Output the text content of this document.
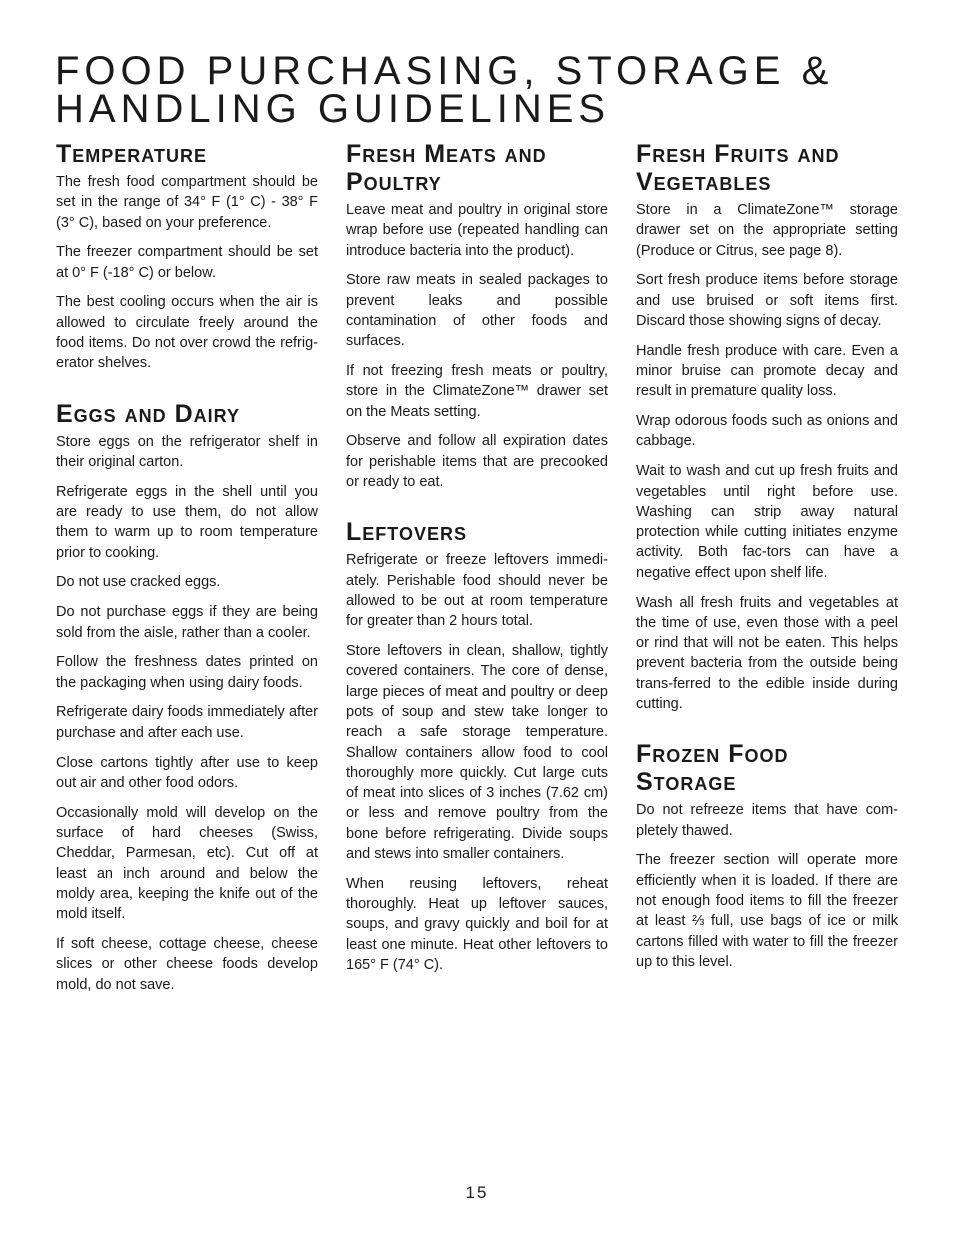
FOOD PURCHASING, STORAGE &
HANDLING GUIDELINES
Temperature

The fresh food compartment should be set in the range of 34° F (1° C) - 38° F (3° C), based on your preference.

The freezer compartment should be set at 0° F (-18° C) or below.

The best cooling occurs when the air is allowed to circulate freely around the food items. Do not over crowd the refrig-erator shelves.

Eggs and Dairy

Store eggs on the refrigerator shelf in their original carton.

Refrigerate eggs in the shell until you are ready to use them, do not allow them to warm up to room temperature prior to cooking.

Do not use cracked eggs.

Do not purchase eggs if they are being sold from the aisle, rather than a cooler.

Follow the freshness dates printed on the packaging when using dairy foods.

Refrigerate dairy foods immediately after purchase and after each use.

Close cartons tightly after use to keep out air and other food odors.

Occasionally mold will develop on the surface of hard cheeses (Swiss, Cheddar, Parmesan, etc). Cut off at least an inch around and below the moldy area, keeping the knife out of the mold itself.

If soft cheese, cottage cheese, cheese slices or other cheese foods develop mold, do not save.

Fresh Meats and Poultry

Leave meat and poultry in original store wrap before use (repeated handling can introduce bacteria into the product).

Store raw meats in sealed packages to prevent leaks and possible contamination of other foods and surfaces.

If not freezing fresh meats or poultry, store in the ClimateZone™ drawer set on the Meats setting.

Observe and follow all expiration dates for perishable items that are precooked or ready to eat.

Leftovers

Refrigerate or freeze leftovers immedi-ately. Perishable food should never be allowed to be out at room temperature for greater than 2 hours total.

Store leftovers in clean, shallow, tightly covered containers. The core of dense, large pieces of meat and poultry or deep pots of soup and stew take longer to reach a safe storage temperature. Shallow containers allow food to cool thoroughly more quickly. Cut large cuts of meat into slices of 3 inches (7.62 cm) or less and remove poultry from the bone before refrigerating. Divide soups and stews into smaller containers.

When reusing leftovers, reheat thoroughly. Heat up leftover sauces, soups, and gravy quickly and boil for at least one minute. Heat other leftovers to 165° F (74° C).

Fresh Fruits and Vegetables

Store in a ClimateZone™ storage drawer set on the appropriate setting (Produce or Citrus, see page 8).

Sort fresh produce items before storage and use bruised or soft items first. Discard those showing signs of decay.

Handle fresh produce with care. Even a minor bruise can promote decay and result in premature quality loss.

Wrap odorous foods such as onions and cabbage.

Wait to wash and cut up fresh fruits and vegetables until right before use. Washing can strip away natural protection while cutting initiates enzyme activity. Both fac-tors can have a negative effect upon shelf life.

Wash all fresh fruits and vegetables at the time of use, even those with a peel or rind that will not be eaten. This helps prevent bacteria from the outside being trans-ferred to the edible inside during cutting.

Frozen Food Storage

Do not refreeze items that have com-pletely thawed.

The freezer section will operate more efficiently when it is loaded. If there are not enough food items to fill the freezer at least ⅔ full, use bags of ice or milk cartons filled with water to fill the freezer up to this level.

15
